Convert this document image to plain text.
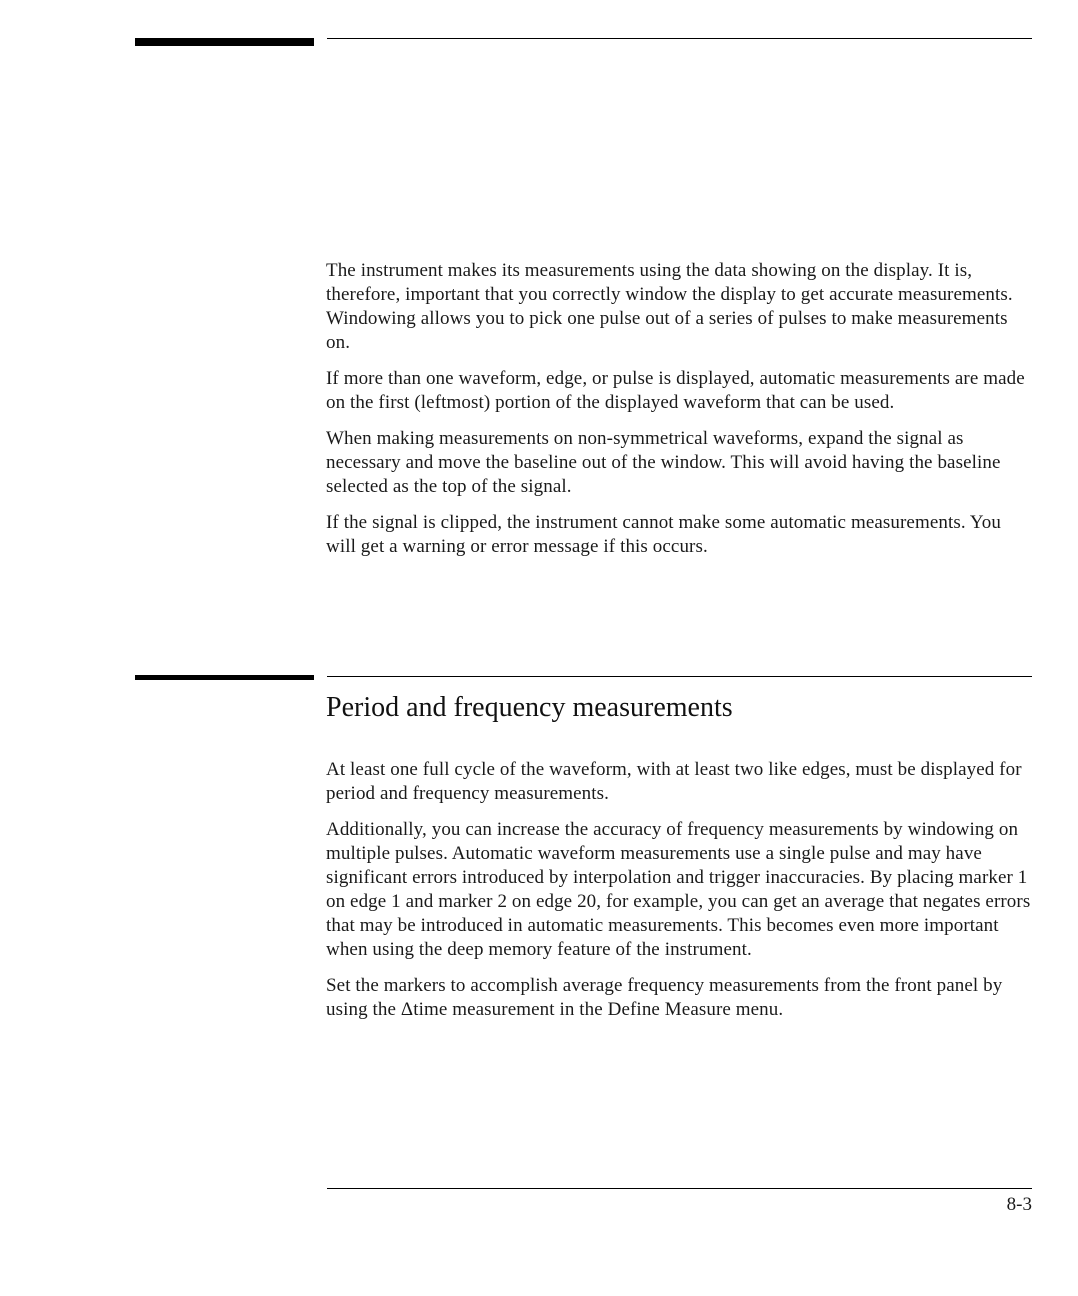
The instrument makes its measurements using the data showing on the display. It is, therefore, important that you correctly window the display to get accurate measurements. Windowing allows you to pick one pulse out of a series of pulses to make measurements on.

If more than one waveform, edge, or pulse is displayed, automatic measurements are made on the first (leftmost) portion of the displayed waveform that can be used.

When making measurements on non-symmetrical waveforms, expand the signal as necessary and move the baseline out of the window. This will avoid having the baseline selected as the top of the signal.

If the signal is clipped, the instrument cannot make some automatic measurements. You will get a warning or error message if this occurs.

Period and frequency measurements

At least one full cycle of the waveform, with at least two like edges, must be displayed for period and frequency measurements.

Additionally, you can increase the accuracy of frequency measurements by windowing on multiple pulses. Automatic waveform measurements use a single pulse and may have significant errors introduced by interpolation and trigger inaccuracies. By placing marker 1 on edge 1 and marker 2 on edge 20, for example, you can get an average that negates errors that may be introduced in automatic measurements. This becomes even more important when using the deep memory feature of the instrument.

Set the markers to accomplish average frequency measurements from the front panel by using the Δtime measurement in the Define Measure menu.

8-3
